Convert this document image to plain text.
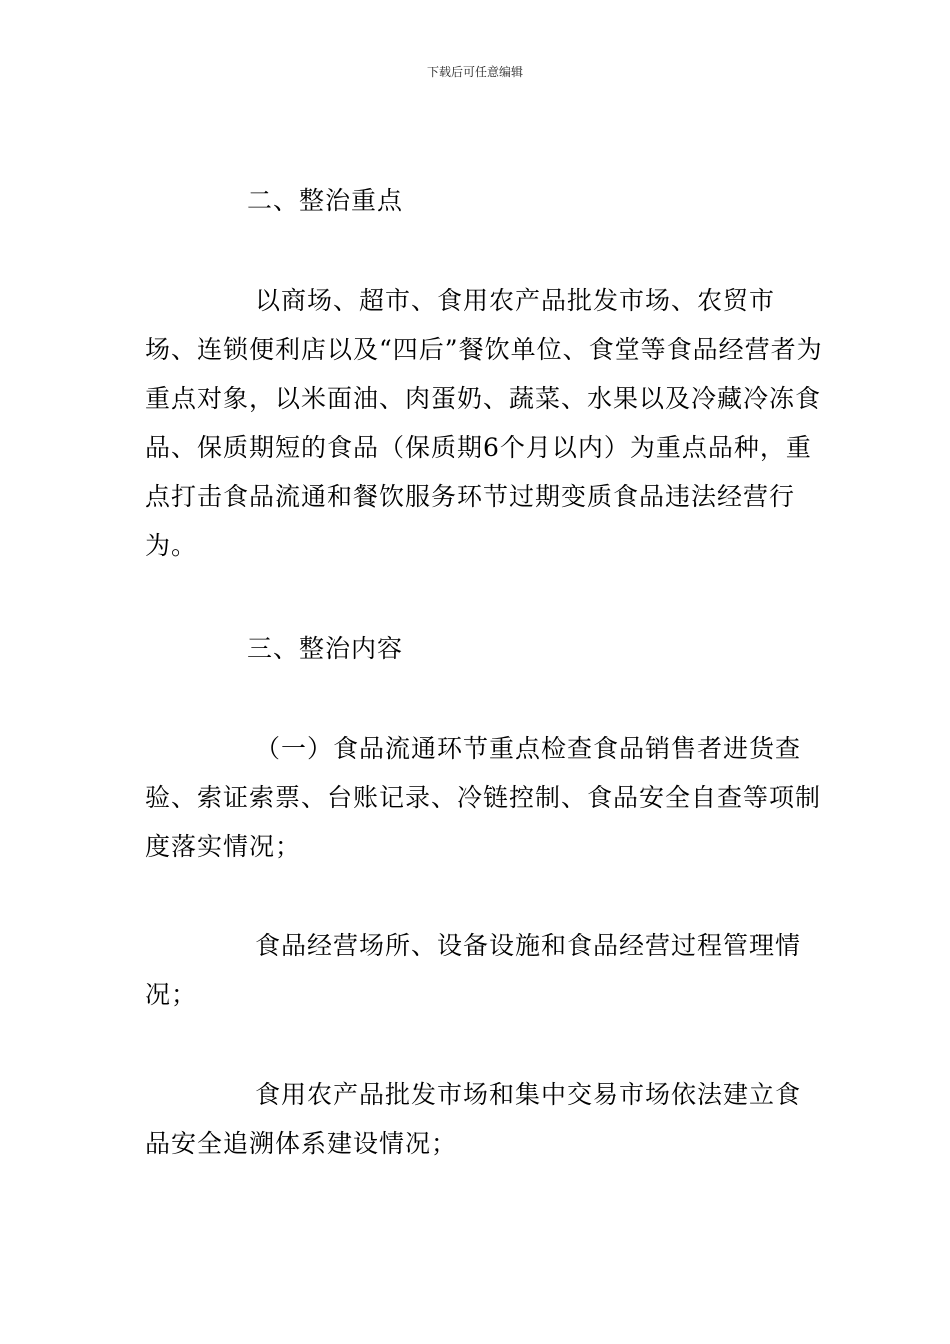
下载后可任意编辑

二、整治重点

以商场、超市、食用农产品批发市场、农贸市场、连锁便利店以及“四后”餐饮单位、食堂等食品经营者为重点对象，以米面油、肉蛋奶、蔬菜、水果以及冷藏冷冻食品、保质期短的食品（保质期6个月以内）为重点品种，重点打击食品流通和餐饮服务环节过期变质食品违法经营行为。

三、整治内容

（一）食品流通环节重点检查食品销售者进货查验、索证索票、台账记录、冷链控制、食品安全自查等项制度落实情况；

食品经营场所、设备设施和食品经营过程管理情况；

食用农产品批发市场和集中交易市场依法建立食品安全追溯体系建设情况；
